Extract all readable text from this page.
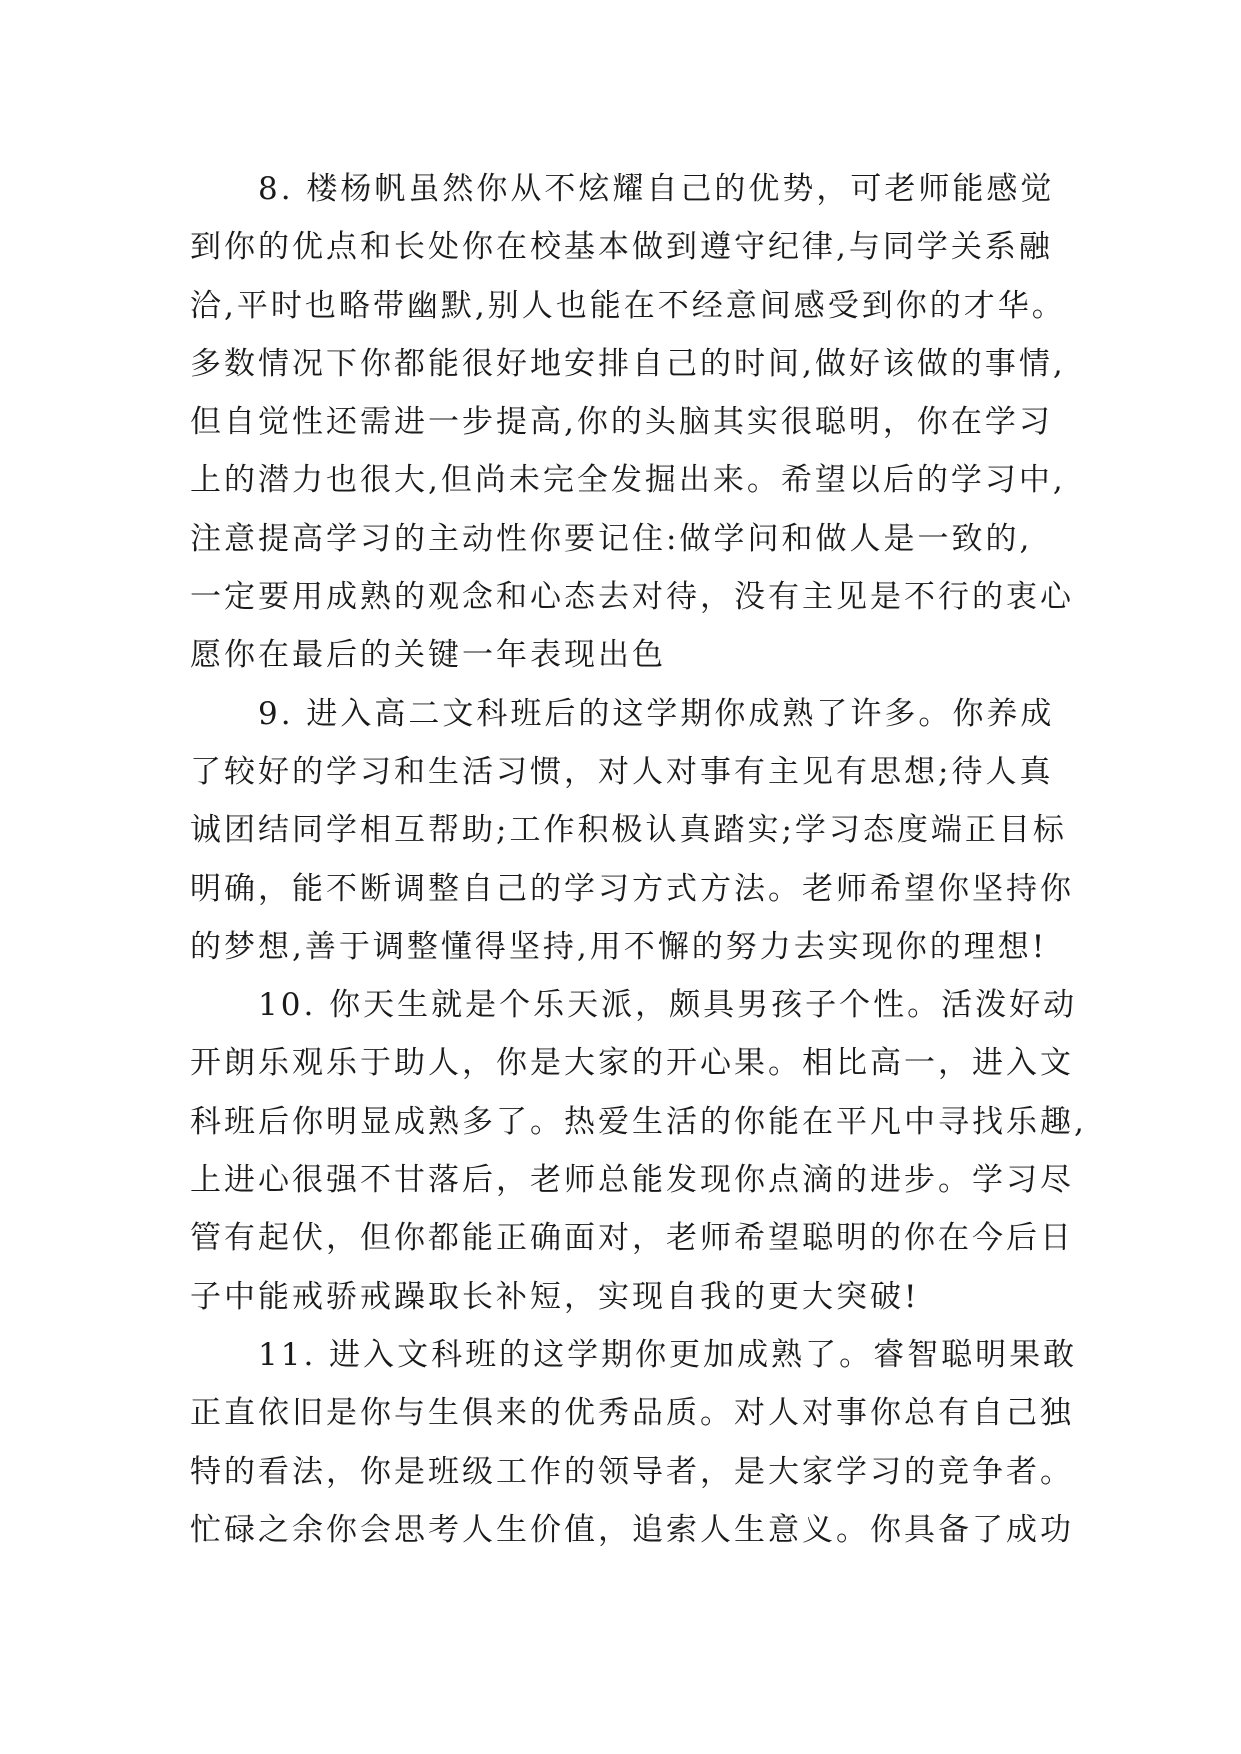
　　8. 楼杨帆虽然你从不炫耀自己的优势，可老师能感觉
到你的优点和长处你在校基本做到遵守纪律,与同学关系融
洽,平时也略带幽默,别人也能在不经意间感受到你的才华。
多数情况下你都能很好地安排自己的时间,做好该做的事情,
但自觉性还需进一步提高,你的头脑其实很聪明，你在学习
上的潜力也很大,但尚未完全发掘出来。希望以后的学习中,
注意提高学习的主动性你要记住:做学问和做人是一致的,
一定要用成熟的观念和心态去对待，没有主见是不行的衷心
愿你在最后的关键一年表现出色
　　9. 进入高二文科班后的这学期你成熟了许多。你养成
了较好的学习和生活习惯，对人对事有主见有思想;待人真
诚团结同学相互帮助;工作积极认真踏实;学习态度端正目标
明确，能不断调整自己的学习方式方法。老师希望你坚持你
的梦想,善于调整懂得坚持,用不懈的努力去实现你的理想!
　　10. 你天生就是个乐天派，颇具男孩子个性。活泼好动
开朗乐观乐于助人，你是大家的开心果。相比高一，进入文
科班后你明显成熟多了。热爱生活的你能在平凡中寻找乐趣,
上进心很强不甘落后，老师总能发现你点滴的进步。学习尽
管有起伏，但你都能正确面对，老师希望聪明的你在今后日
子中能戒骄戒躁取长补短，实现自我的更大突破!
　　11. 进入文科班的这学期你更加成熟了。睿智聪明果敢
正直依旧是你与生俱来的优秀品质。对人对事你总有自己独
特的看法，你是班级工作的领导者，是大家学习的竞争者。
忙碌之余你会思考人生价值，追索人生意义。你具备了成功
